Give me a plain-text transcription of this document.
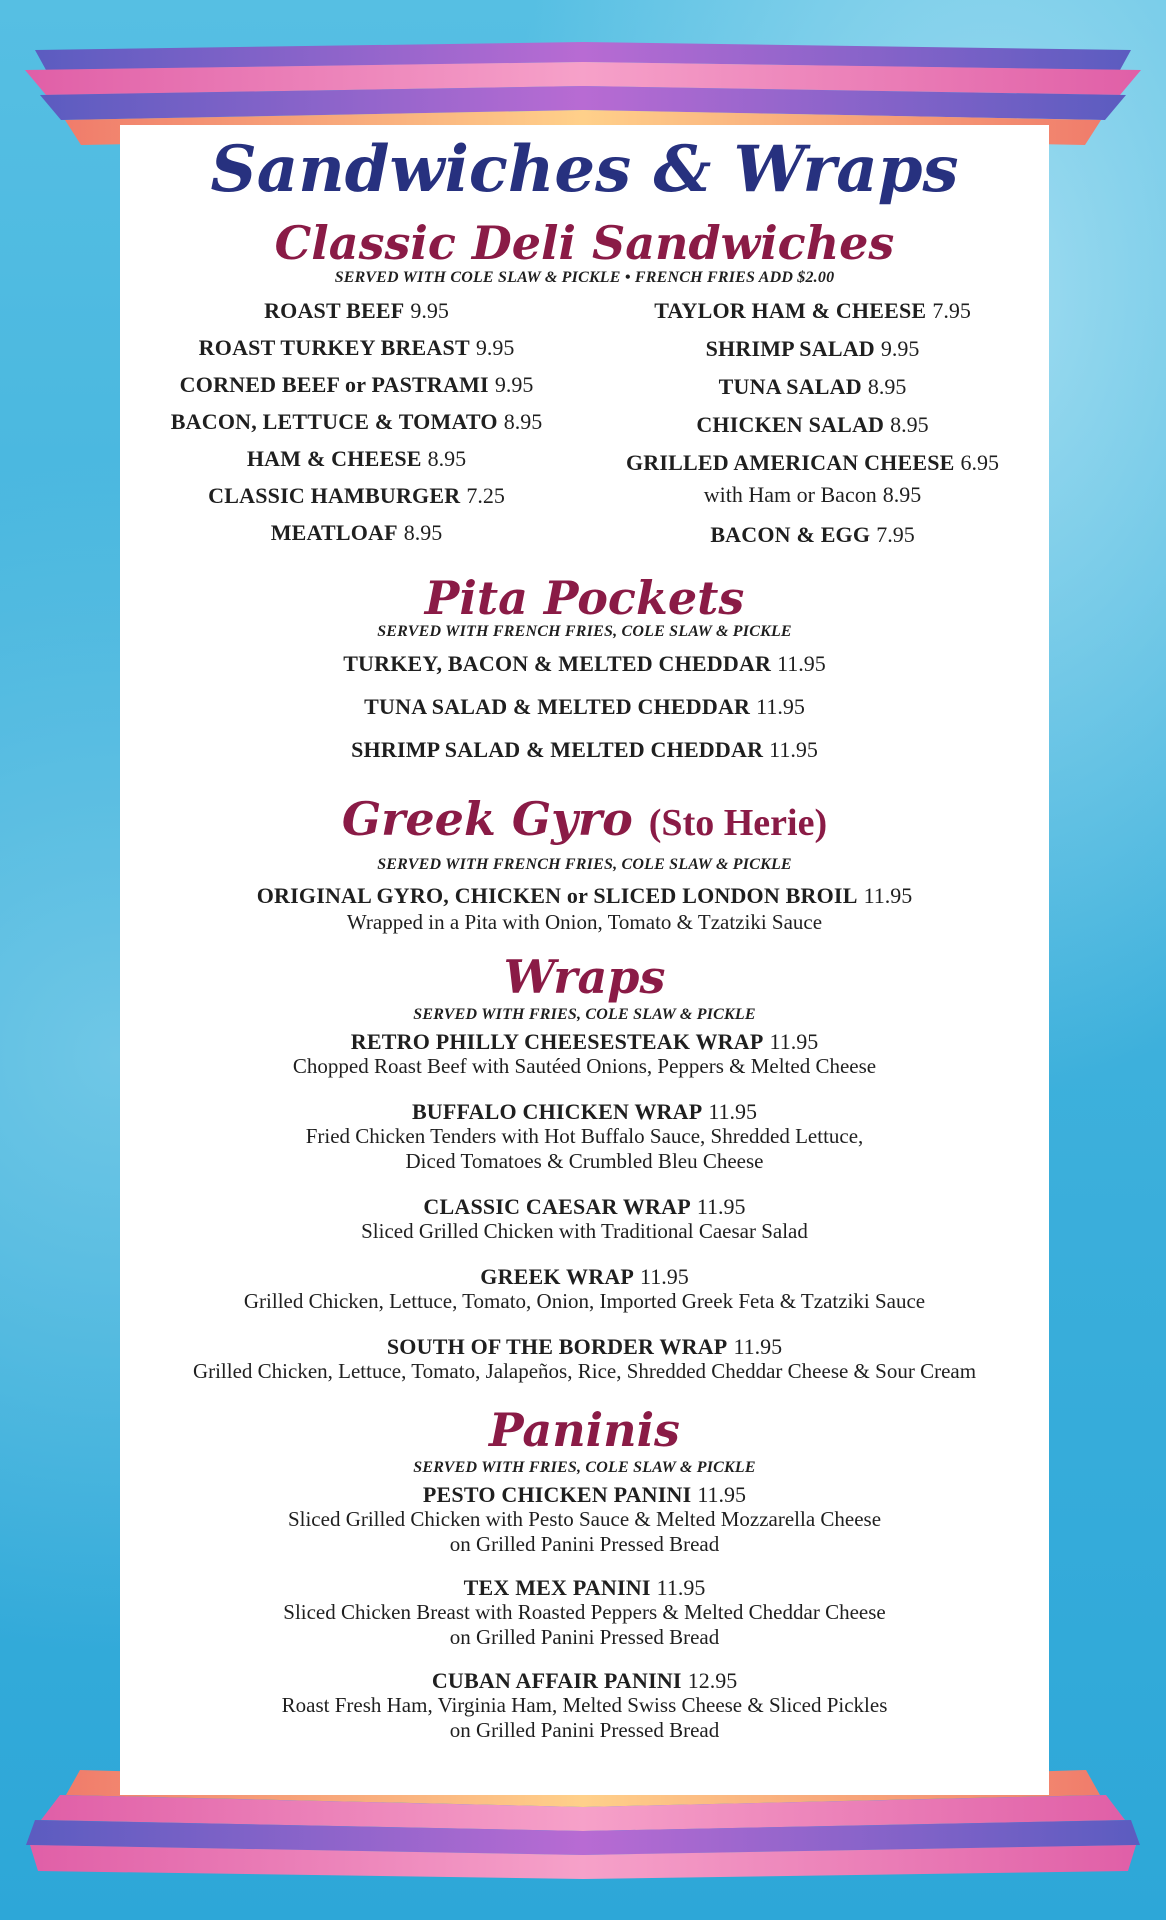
Sandwiches & Wraps
Classic Deli Sandwiches

SERVED WITH COLE SLAW & PICKLE • FRENCH FRIES ADD $2.00

ROAST BEEF 9.95
ROAST TURKEY BREAST 9.95
CORNED BEEF or PASTRAMI 9.95
BACON, LETTUCE & TOMATO 8.95
HAM & CHEESE 8.95
CLASSIC HAMBURGER 7.25
MEATLOAF 8.95
TAYLOR HAM & CHEESE 7.95
SHRIMP SALAD 9.95
TUNA SALAD 8.95
CHICKEN SALAD 8.95
GRILLED AMERICAN CHEESE 6.95
with Ham or Bacon 8.95
BACON & EGG 7.95
Pita Pockets

SERVED WITH FRENCH FRIES, COLE SLAW & PICKLE

TURKEY, BACON & MELTED CHEDDAR 11.95
TUNA SALAD & MELTED CHEDDAR 11.95
SHRIMP SALAD & MELTED CHEDDAR 11.95
Greek Gyro (Sto Herie)

SERVED WITH FRENCH FRIES, COLE SLAW & PICKLE

ORIGINAL GYRO, CHICKEN or SLICED LONDON BROIL 11.95
Wrapped in a Pita with Onion, Tomato & Tzatziki Sauce
Wraps

SERVED WITH FRIES, COLE SLAW & PICKLE

RETRO PHILLY CHEESESTEAK WRAP 11.95
Chopped Roast Beef with Sautéed Onions, Peppers & Melted Cheese
BUFFALO CHICKEN WRAP 11.95
Fried Chicken Tenders with Hot Buffalo Sauce, Shredded Lettuce,
Diced Tomatoes & Crumbled Bleu Cheese
CLASSIC CAESAR WRAP 11.95
Sliced Grilled Chicken with Traditional Caesar Salad
GREEK WRAP 11.95
Grilled Chicken, Lettuce, Tomato, Onion, Imported Greek Feta & Tzatziki Sauce
SOUTH OF THE BORDER WRAP 11.95
Grilled Chicken, Lettuce, Tomato, Jalapeños, Rice, Shredded Cheddar Cheese & Sour Cream
Paninis

SERVED WITH FRIES, COLE SLAW & PICKLE

PESTO CHICKEN PANINI 11.95
Sliced Grilled Chicken with Pesto Sauce & Melted Mozzarella Cheese
on Grilled Panini Pressed Bread
TEX MEX PANINI 11.95
Sliced Chicken Breast with Roasted Peppers & Melted Cheddar Cheese
on Grilled Panini Pressed Bread
CUBAN AFFAIR PANINI 12.95
Roast Fresh Ham, Virginia Ham, Melted Swiss Cheese & Sliced Pickles
on Grilled Panini Pressed Bread
